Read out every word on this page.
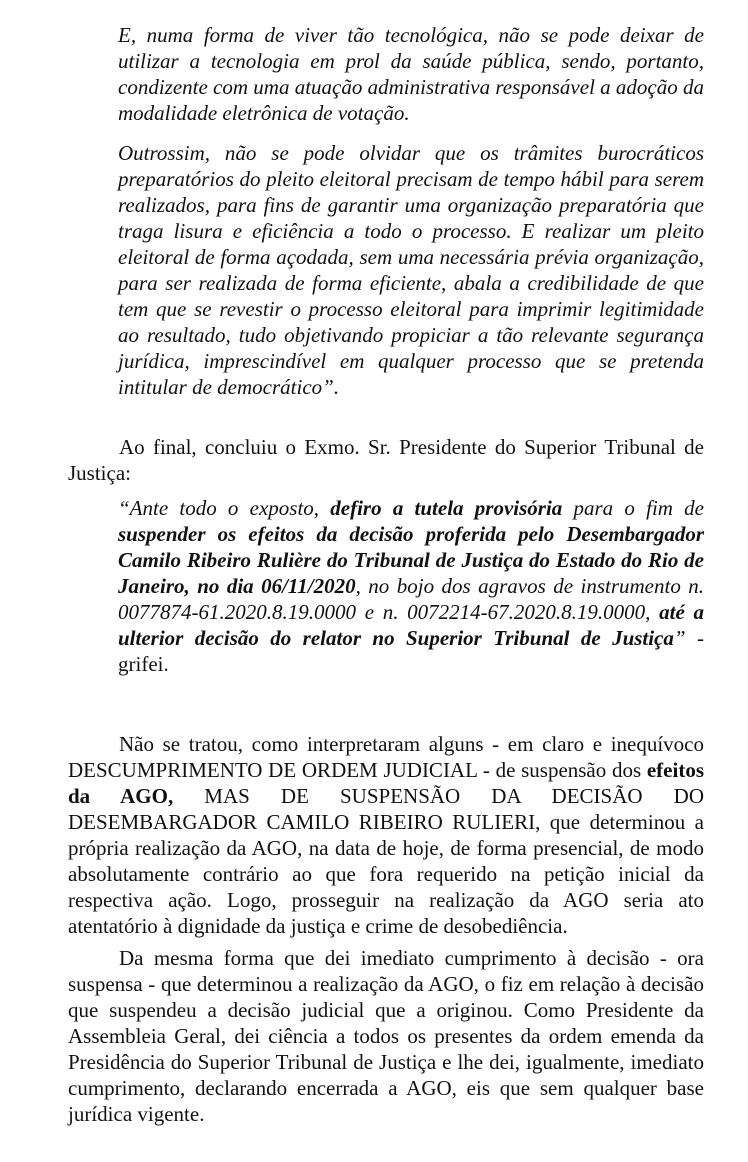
E, numa forma de viver tão tecnológica, não se pode deixar de utilizar a tecnologia em prol da saúde pública, sendo, portanto, condizente com uma atuação administrativa responsável a adoção da modalidade eletrônica de votação.

Outrossim, não se pode olvidar que os trâmites burocráticos preparatórios do pleito eleitoral precisam de tempo hábil para serem realizados, para fins de garantir uma organização preparatória que traga lisura e eficiência a todo o processo. E realizar um pleito eleitoral de forma açodada, sem uma necessária prévia organização, para ser realizada de forma eficiente, abala a credibilidade de que tem que se revestir o processo eleitoral para imprimir legitimidade ao resultado, tudo objetivando propiciar a tão relevante segurança jurídica, imprescindível em qualquer processo que se pretenda intitular de democrático”.

Ao final, concluiu o Exmo. Sr. Presidente do Superior Tribunal de Justiça:

“Ante todo o exposto, defiro a tutela provisória para o fim de suspender os efeitos da decisão proferida pelo Desembargador Camilo Ribeiro Rulière do Tribunal de Justiça do Estado do Rio de Janeiro, no dia 06/11/2020, no bojo dos agravos de instrumento n. 0077874-61.2020.8.19.0000 e n. 0072214-67.2020.8.19.0000, até a ulterior decisão do relator no Superior Tribunal de Justiça” - grifei.

Não se tratou, como interpretaram alguns - em claro e inequívoco DESCUMPRIMENTO DE ORDEM JUDICIAL - de suspensão dos efeitos da AGO, MAS DE SUSPENSÃO DA DECISÃO DO DESEMBARGADOR CAMILO RIBEIRO RULIERI, que determinou a própria realização da AGO, na data de hoje, de forma presencial, de modo absolutamente contrário ao que fora requerido na petição inicial da respectiva ação. Logo, prosseguir na realização da AGO seria ato atentatório à dignidade da justiça e crime de desobediência.

Da mesma forma que dei imediato cumprimento à decisão - ora suspensa - que determinou a realização da AGO, o fiz em relação à decisão que suspendeu a decisão judicial que a originou. Como Presidente da Assembleia Geral, dei ciência a todos os presentes da ordem emenda da Presidência do Superior Tribunal de Justiça e lhe dei, igualmente, imediato cumprimento, declarando encerrada a AGO, eis que sem qualquer base jurídica vigente.
